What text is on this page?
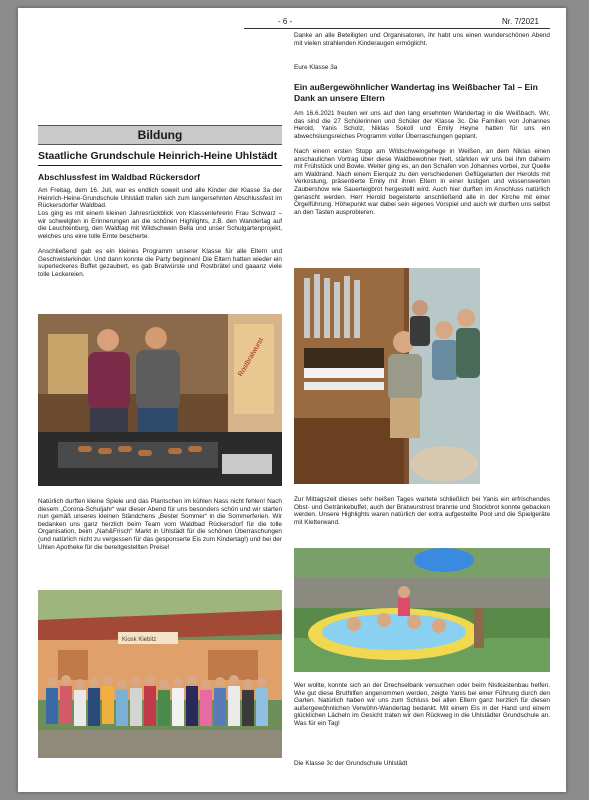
- 6 -	Nr. 7/2021
Bildung
Staatliche Grundschule Heinrich-Heine Uhlstädt
Abschlussfest im Waldbad Rückersdorf

Am Freitag, dem 16. Juli, war es endlich soweit und alle Kinder der Klasse 3a der Heinrich-Heine-Grundschule Uhlstädt trafen sich zum langersehnten Abschlussfest im Rückersdorfer Waldbad.

Los ging es mit einem kleinen Jahresrückblick von Klassenlehrerin Frau Schwarz – wir schwelgten in Erinnerungen an die schönen Highlights, z.B. den Wandertag auf die Leuchtenburg, den Waldtag mit Wildschwein Bella und unser Schulgartenprojekt, welches uns eine tolle Ernte bescherte.

Anschließend gab es ein kleines Programm unserer Klasse für alle Eltern und Geschwisterkinder. Und dann konnte die Party beginnen! Die Eltern hatten wieder ein superleckeres Buffet gezaubert, es gab Bratwürste und Rostbrätel und gaaanz viele tolle Leckereien.

Rostbratwurst

Natürlich durften kleine Spiele und das Plantschen im kühlen Nass nicht fehlen! Nach diesem „Corona-Schuljahr“ war dieser Abend für uns besonders schön und wir starten nun gemäß unseres kleinen Ständchens „Bester Sommer“ in die Sommerferien. Wir bedanken uns ganz herzlich beim Team vom Waldbad Rückersdorf für die tolle Organisation, beim „Nah&Frisch“ Markt in Uhlstädt für die schönen Überraschungen (und natürlich nicht zu vergessen für das gesponserte Eis zum Kindertag!) und bei der Uhlen Apotheke für die bereitgestellten Preise!

Kiosk Kiebitz

Danke an alle Beteiligten und Organisatoren, ihr habt uns einen wunderschönen Abend mit vielen strahlenden Kinderaugen ermöglicht.

Eure Klasse 3a

Ein außergewöhnlicher Wandertag ins Weißbacher Tal – Ein Dank an unsere Eltern

Am 16.6.2021 freuten wir uns auf den lang ersehnten Wandertag in die Weißbach. Wir, das sind die 27 Schülerinnen und Schüler der Klasse 3c. Die Familien von Johannes Herold, Yanis Scholz, Niklas Sokoll und Emily Heyne hatten für uns ein abwechslungsreiches Programm voller Überraschungen geplant.

Nach einem ersten Stopp am Wildschweingehege in Weißen, an dem Niklas einen anschaulichen Vortrag über diese Waldbewohner hielt, stärkten wir uns bei ihm daheim mit Frühstück und Bowle. Weiter ging es, an den Schafen von Johannes vorbei, zur Quelle am Waldrand. Nach einem Eierquiz zu den verschiedenen Geflügelarten der Herolds mit Verkostung, präsentierte Emily mit ihren Eltern in einer lustigen und wissenswerten Zaubershow wie Sauerteigbrot hergestellt wird. Auch hier durften im Anschluss natürlich genascht werden. Herr Herold begeisterte anschließend alle in der Kirche mit einer Orgelführung. Höhepunkt war dabei sein eigenes Vorspiel und auch wir durften uns selbst an den Tasten ausprobieren.

Zur Mittagszeit dieses sehr heißen Tages wartete schließlich bei Yanis ein erfrischendes Obst- und Getränkebuffet, auch der Bratwurstrost brannte und Stockbrot konnte gebacken werden. Unsere Highlights waren natürlich der extra aufgestellte Pool und die Spielgeräte mit Kletterwand.

Wer wollte, konnte sich an der Drechselbank versuchen oder beim Nistkastenbau helfen. Wie gut diese Bruthilfen angenommen werden, zeigte Yanis bei einer Führung durch den Garten. Natürlich haben wir uns zum Schluss bei allen Eltern ganz herzlich für diesen außergewöhnlichen Verwöhn-Wandertag bedankt. Mit einem Eis in der Hand und einem glücklichen Lächeln im Gesicht traten wir den Rückweg in die Uhlstädter Grundschule an. Was für ein Tag!

Die Klasse 3c der Grundschule Uhlstädt
